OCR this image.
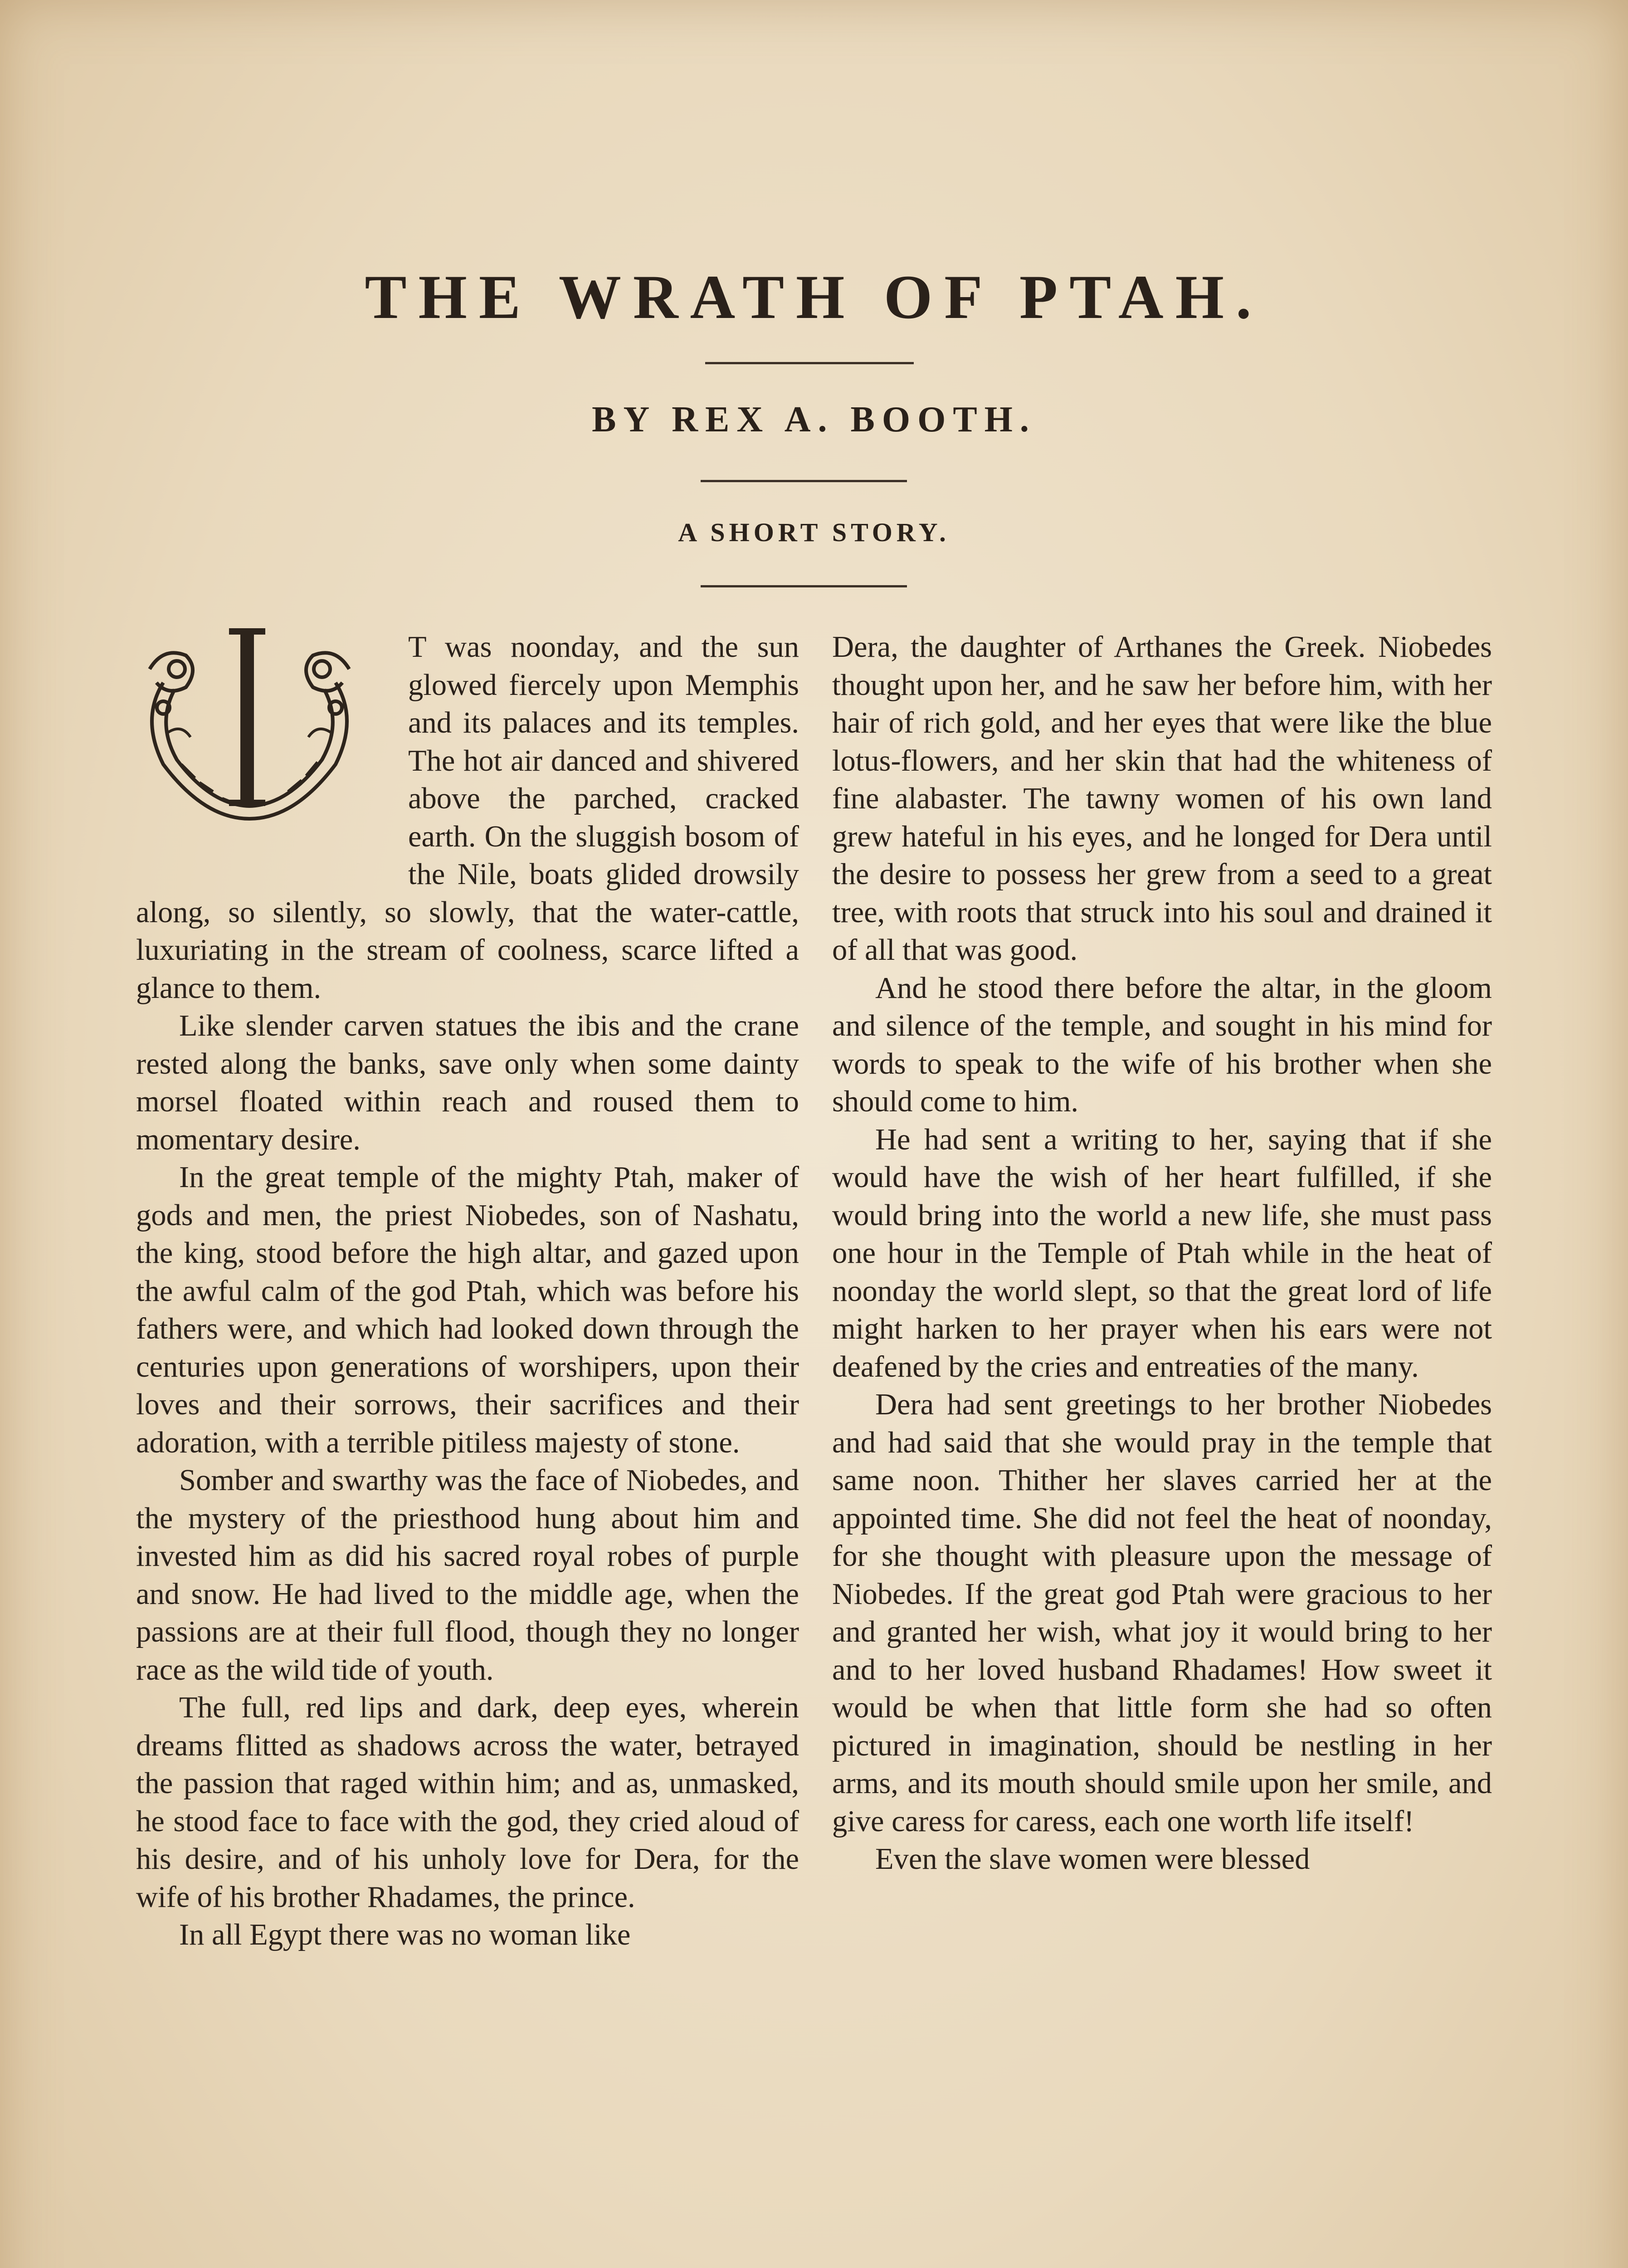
THE WRATH OF PTAH.
BY REX A. BOOTH.
A SHORT STORY.

T was noonday, and the sun glowed fiercely upon Memphis and its palaces and its temples. The hot air danced and shivered above the parched, cracked earth. On the sluggish bosom of the Nile, boats glided drowsily along, so silently, so slowly, that the water-cattle, luxuriating in the stream of coolness, scarce lifted a glance to them.

Like slender carven statues the ibis and the crane rested along the banks, save only when some dainty morsel floated within reach and roused them to momentary desire.

In the great temple of the mighty Ptah, maker of gods and men, the priest Niobedes, son of Nashatu, the king, stood before the high altar, and gazed upon the awful calm of the god Ptah, which was before his fathers were, and which had looked down through the centuries upon generations of worshipers, upon their loves and their sorrows, their sacrifices and their adoration, with a terrible pitiless majesty of stone.

Somber and swarthy was the face of Niobedes, and the mystery of the priesthood hung about him and invested him as did his sacred royal robes of purple and snow. He had lived to the middle age, when the passions are at their full flood, though they no longer race as the wild tide of youth.

The full, red lips and dark, deep eyes, wherein dreams flitted as shadows across the water, betrayed the passion that raged within him; and as, unmasked, he stood face to face with the god, they cried aloud of his desire, and of his unholy love for Dera, for the wife of his brother Rhadames, the prince.

In all Egypt there was no woman like

Dera, the daughter of Arthanes the Greek. Niobedes thought upon her, and he saw her before him, with her hair of rich gold, and her eyes that were like the blue lotus-flowers, and her skin that had the whiteness of fine alabaster. The tawny women of his own land grew hateful in his eyes, and he longed for Dera until the desire to possess her grew from a seed to a great tree, with roots that struck into his soul and drained it of all that was good.

And he stood there before the altar, in the gloom and silence of the temple, and sought in his mind for words to speak to the wife of his brother when she should come to him.

He had sent a writing to her, saying that if she would have the wish of her heart fulfilled, if she would bring into the world a new life, she must pass one hour in the Temple of Ptah while in the heat of noonday the world slept, so that the great lord of life might harken to her prayer when his ears were not deafened by the cries and entreaties of the many.

Dera had sent greetings to her brother Niobedes and had said that she would pray in the temple that same noon. Thither her slaves carried her at the appointed time. She did not feel the heat of noonday, for she thought with pleasure upon the message of Niobedes. If the great god Ptah were gracious to her and granted her wish, what joy it would bring to her and to her loved husband Rhadames! How sweet it would be when that little form she had so often pictured in imagination, should be nestling in her arms, and its mouth should smile upon her smile, and give caress for caress, each one worth life itself!

Even the slave women were blessed
